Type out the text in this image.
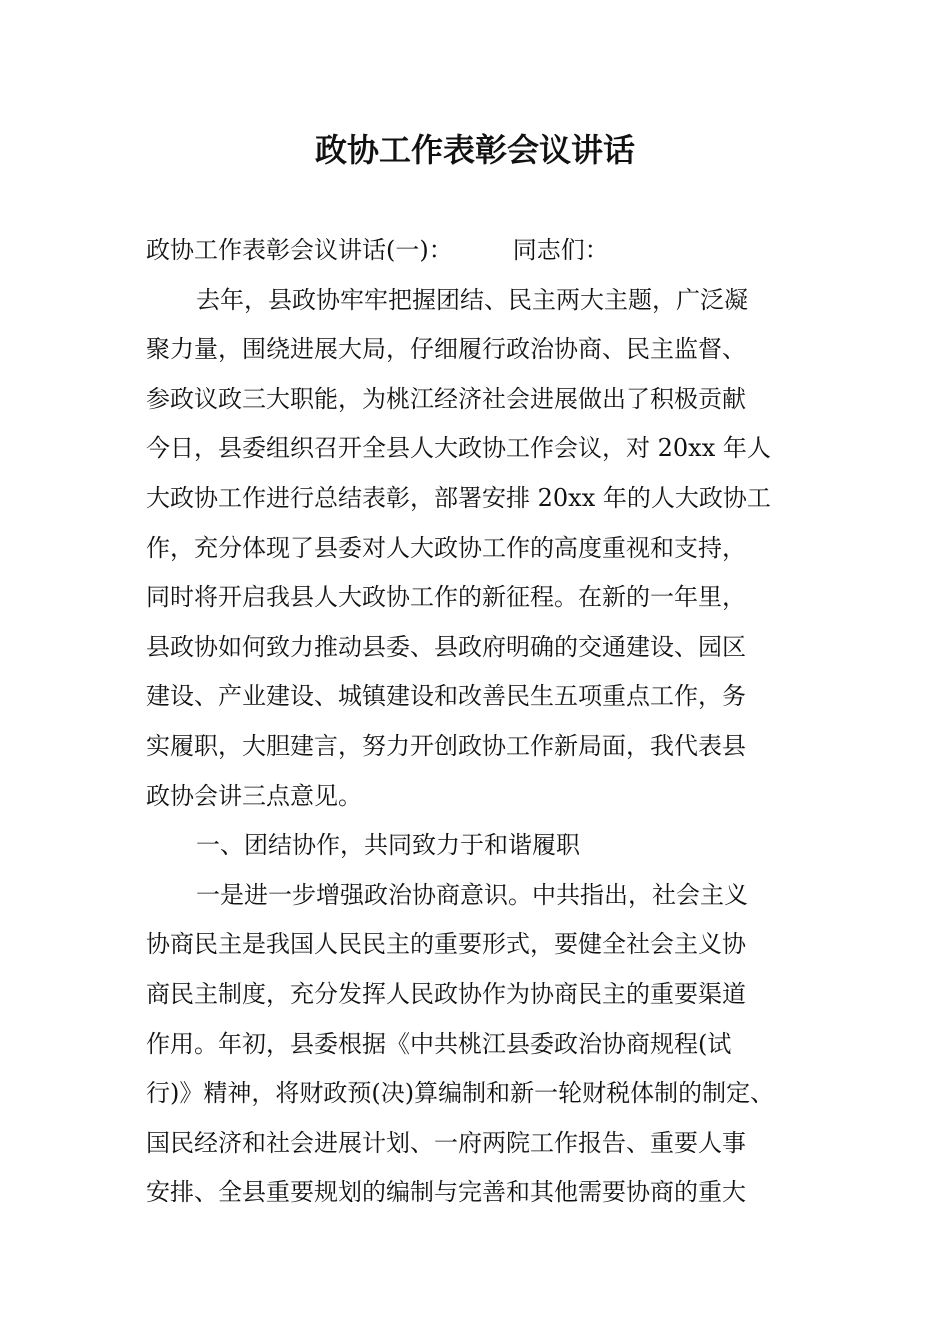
政协工作表彰会议讲话
政协工作表彰会议讲话(一)：	同志们：
去年，县政协牢牢把握团结、民主两大主题，广泛凝
聚力量，围绕进展大局，仔细履行政治协商、民主监督、
参政议政三大职能，为桃江经济社会进展做出了积极贡献
今日，县委组织召开全县人大政协工作会议，对 20xx 年人
大政协工作进行总结表彰，部署安排 20xx 年的人大政协工
作，充分体现了县委对人大政协工作的高度重视和支持，
同时将开启我县人大政协工作的新征程。在新的一年里，
县政协如何致力推动县委、县政府明确的交通建设、园区
建设、产业建设、城镇建设和改善民生五项重点工作，务
实履职，大胆建言，努力开创政协工作新局面，我代表县
政协会讲三点意见。
一、团结协作，共同致力于和谐履职
一是进一步增强政治协商意识。中共指出，社会主义
协商民主是我国人民民主的重要形式，要健全社会主义协
商民主制度，充分发挥人民政协作为协商民主的重要渠道
作用。年初，县委根据《中共桃江县委政治协商规程(试
行)》精神，将财政预(决)算编制和新一轮财税体制的制定、
国民经济和社会进展计划、一府两院工作报告、重要人事
安排、全县重要规划的编制与完善和其他需要协商的重大
